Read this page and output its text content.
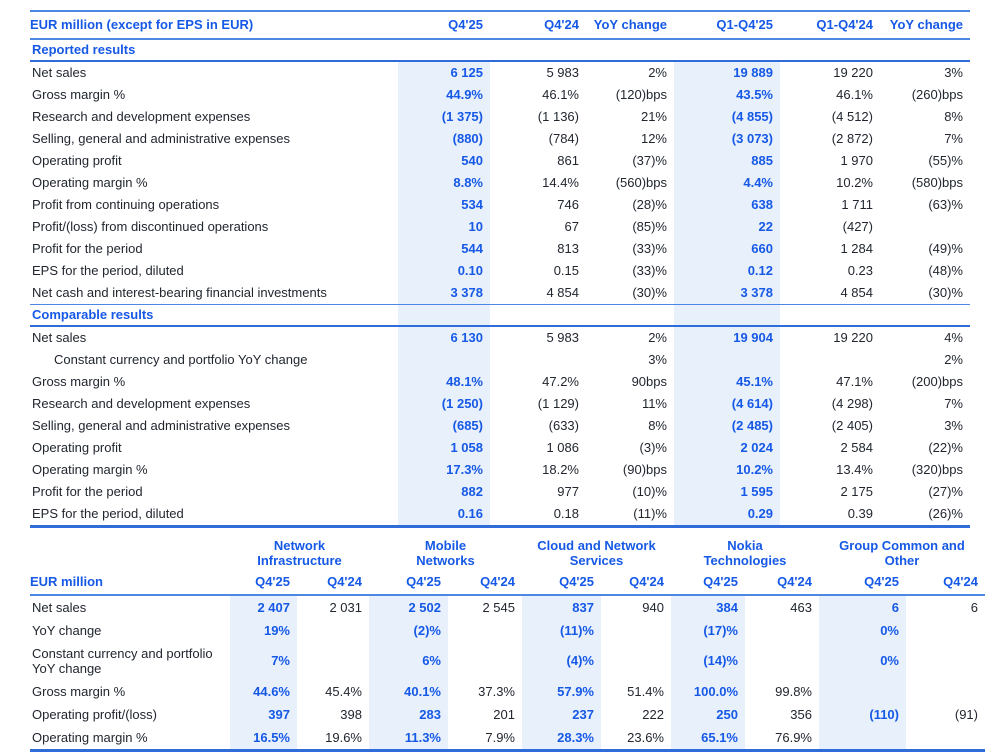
EUR million (except for EPS in EUR)	Q4'25	Q4'24	YoY change	Q1-Q4'25	Q1-Q4'24	YoY change
Reported results						
Net sales	6 125	5 983	2%	19 889	19 220	3%
Gross margin %	44.9%	46.1%	(120)bps	43.5%	46.1%	(260)bps
Research and development expenses	(1 375)	(1 136)	21%	(4 855)	(4 512)	8%
Selling, general and administrative expenses	(880)	(784)	12%	(3 073)	(2 872)	7%
Operating profit	540	861	(37)%	885	1 970	(55)%
Operating margin %	8.8%	14.4%	(560)bps	4.4%	10.2%	(580)bps
Profit from continuing operations	534	746	(28)%	638	1 711	(63)%
Profit/(loss) from discontinued operations	10	67	(85)%	22	(427)	
Profit for the period	544	813	(33)%	660	1 284	(49)%
EPS for the period, diluted	0.10	0.15	(33)%	0.12	0.23	(48)%
Net cash and interest-bearing financial investments	3 378	4 854	(30)%	3 378	4 854	(30)%
Comparable results						
Net sales	6 130	5 983	2%	19 904	19 220	4%
Constant currency and portfolio YoY change			3%			2%
Gross margin %	48.1%	47.2%	90bps	45.1%	47.1%	(200)bps
Research and development expenses	(1 250)	(1 129)	11%	(4 614)	(4 298)	7%
Selling, general and administrative expenses	(685)	(633)	8%	(2 485)	(2 405)	3%
Operating profit	1 058	1 086	(3)%	2 024	2 584	(22)%
Operating margin %	17.3%	18.2%	(90)bps	10.2%	13.4%	(320)bps
Profit for the period	882	977	(10)%	1 595	2 175	(27)%
EPS for the period, diluted	0.16	0.18	(11)%	0.29	0.39	(26)%

	Network Infrastructure		Mobile Networks		Cloud and Network Services		Nokia Technologies		Group Common and Other	

EUR million	Q4'25	Q4'24	Q4'25	Q4'24	Q4'25	Q4'24	Q4'25	Q4'24	Q4'25	Q4'24
Net sales	2 407	2 031	2 502	2 545	837	940	384	463	6	6
YoY change	19%		(2)%		(11)%		(17)%		0%	
Constant currency and portfolio YoY change	7%		6%		(4)%		(14)%		0%	
Gross margin %	44.6%	45.4%	40.1%	37.3%	57.9%	51.4%	100.0%	99.8%		
Operating profit/(loss)	397	398	283	201	237	222	250	356	(110)	(91)
Operating margin %	16.5%	19.6%	11.3%	7.9%	28.3%	23.6%	65.1%	76.9%		
